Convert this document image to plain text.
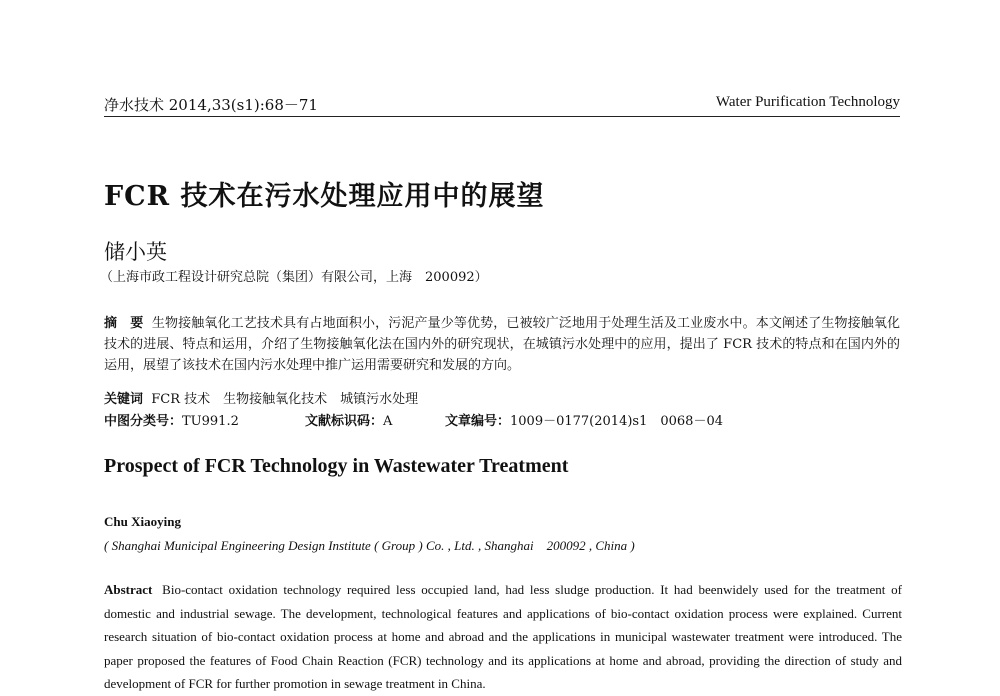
净水技术 2014,33(s1):68－71	Water Purification Technology
FCR 技术在污水处理应用中的展望
储小英
（上海市政工程设计研究总院（集团）有限公司，上海　200092）
摘　要 生物接触氧化工艺技术具有占地面积小，污泥产量少等优势，已被较广泛地用于处理生活及工业废水中。本文阐述了生物接触氧化技术的进展、特点和运用，介绍了生物接触氧化法在国内外的研究现状，在城镇污水处理中的应用，提出了 FCR 技术的特点和在国内外的运用，展望了该技术在国内污水处理中推广运用需要研究和发展的方向。
关键词 FCR 技术　生物接触氧化技术　城镇污水处理
中图分类号：TU991.2	文献标识码：A	文章编号：1009－0177(2014)s1　0068－04
Prospect of FCR Technology in Wastewater Treatment
Chu Xiaoying
( Shanghai Municipal Engineering Design Institute ( Group ) Co. , Ltd. , Shanghai　200092 , China )
Abstract Bio-contact oxidation technology required less occupied land, had less sludge production. It had beenwidely used for the treatment of domestic and industrial sewage. The development, technological features and applications of bio-contact oxidation process were explained. Current research situation of bio-contact oxidation process at home and abroad and the applications in municipal wastewater treatment were introduced. The paper proposed the features of Food Chain Reaction (FCR) technology and its applications at home and abroad, providing the direction of study and development of FCR for further promotion in sewage treatment in China.
